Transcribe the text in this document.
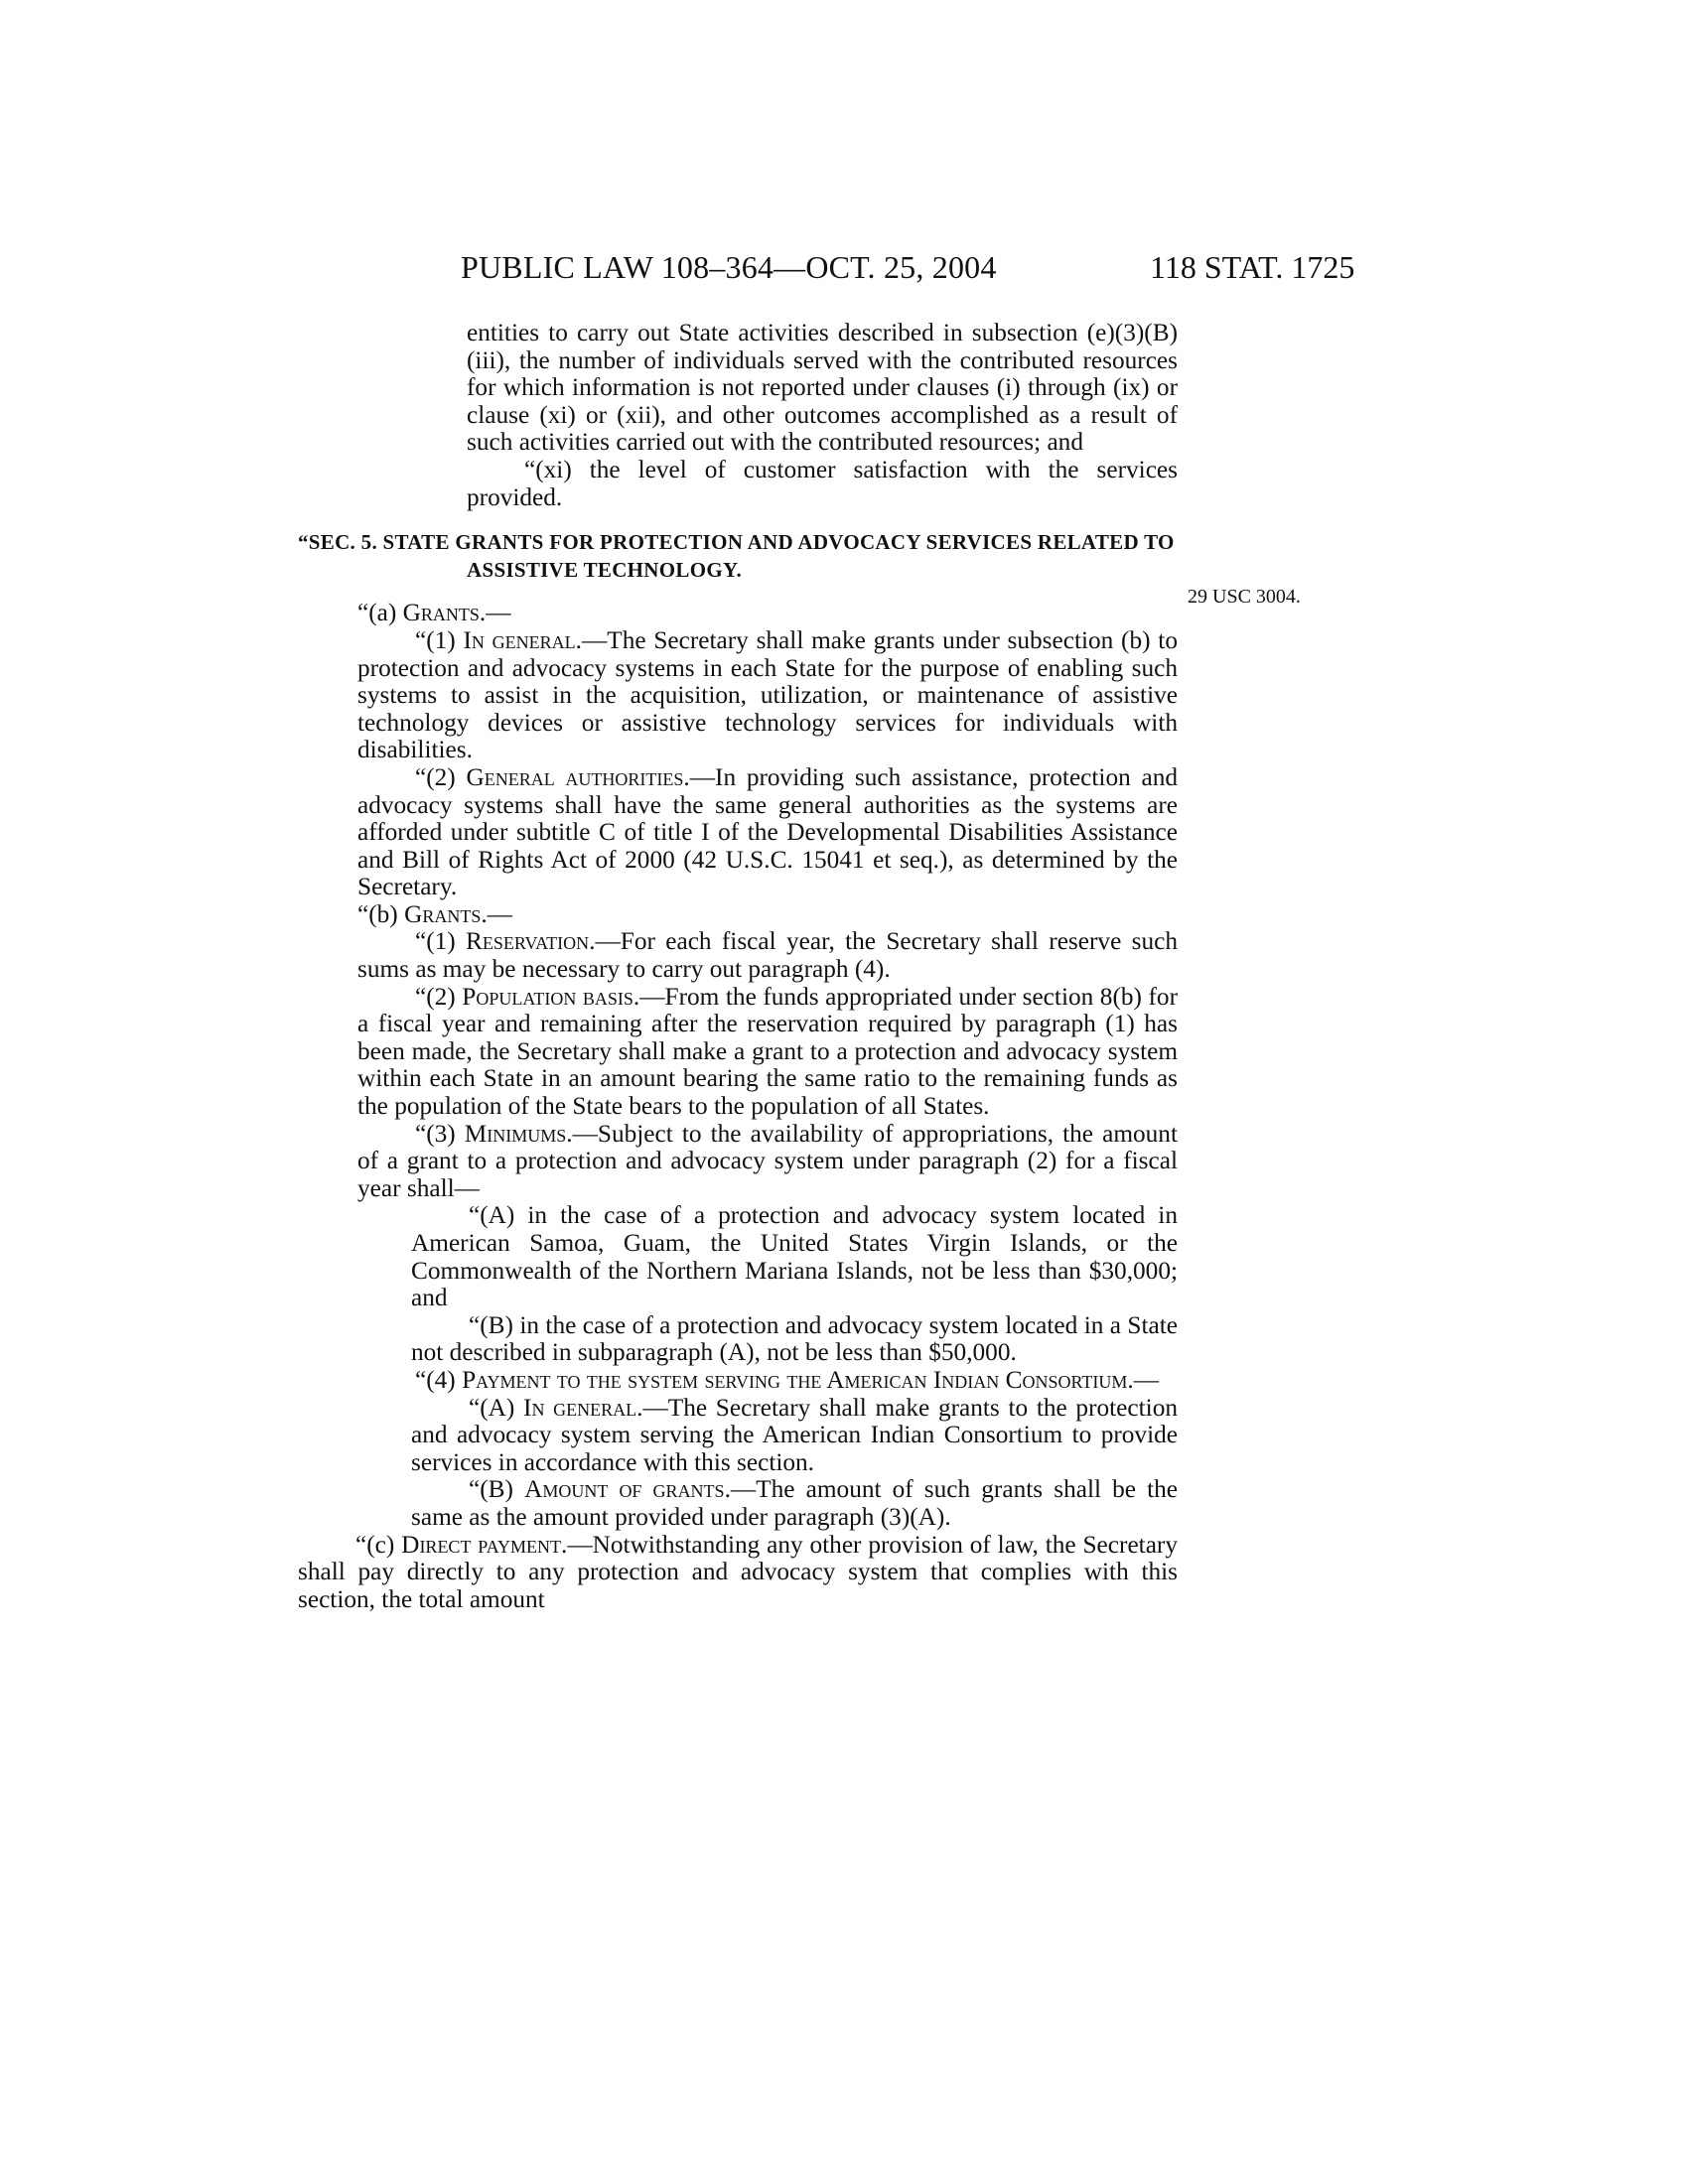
PUBLIC LAW 108–364—OCT. 25, 2004	118 STAT. 1725
29 USC 3004.

entities to carry out State activities described in subsection (e)(3)(B)(iii), the number of individuals served with the contributed resources for which information is not reported under clauses (i) through (ix) or clause (xi) or (xii), and other outcomes accomplished as a result of such activities carried out with the contributed resources; and

“(xi) the level of customer satisfaction with the services provided.

“SEC. 5. STATE GRANTS FOR PROTECTION AND ADVOCACY SERVICES RELATED TO ASSISTIVE TECHNOLOGY.

“(a) Grants.—

“(1) In general.—The Secretary shall make grants under subsection (b) to protection and advocacy systems in each State for the purpose of enabling such systems to assist in the acquisition, utilization, or maintenance of assistive technology devices or assistive technology services for individuals with disabilities.

“(2) General authorities.—In providing such assistance, protection and advocacy systems shall have the same general authorities as the systems are afforded under subtitle C of title I of the Developmental Disabilities Assistance and Bill of Rights Act of 2000 (42 U.S.C. 15041 et seq.), as determined by the Secretary.

“(b) Grants.—

“(1) Reservation.—For each fiscal year, the Secretary shall reserve such sums as may be necessary to carry out paragraph (4).

“(2) Population basis.—From the funds appropriated under section 8(b) for a fiscal year and remaining after the reservation required by paragraph (1) has been made, the Secretary shall make a grant to a protection and advocacy system within each State in an amount bearing the same ratio to the remaining funds as the population of the State bears to the population of all States.

“(3) Minimums.—Subject to the availability of appropriations, the amount of a grant to a protection and advocacy system under paragraph (2) for a fiscal year shall—

“(A) in the case of a protection and advocacy system located in American Samoa, Guam, the United States Virgin Islands, or the Commonwealth of the Northern Mariana Islands, not be less than $30,000; and

“(B) in the case of a protection and advocacy system located in a State not described in subparagraph (A), not be less than $50,000.

“(4) Payment to the system serving the American Indian Consortium.—

“(A) In general.—The Secretary shall make grants to the protection and advocacy system serving the American Indian Consortium to provide services in accordance with this section.

“(B) Amount of grants.—The amount of such grants shall be the same as the amount provided under paragraph (3)(A).

“(c) Direct payment.—Notwithstanding any other provision of law, the Secretary shall pay directly to any protection and advocacy system that complies with this section, the total amount
